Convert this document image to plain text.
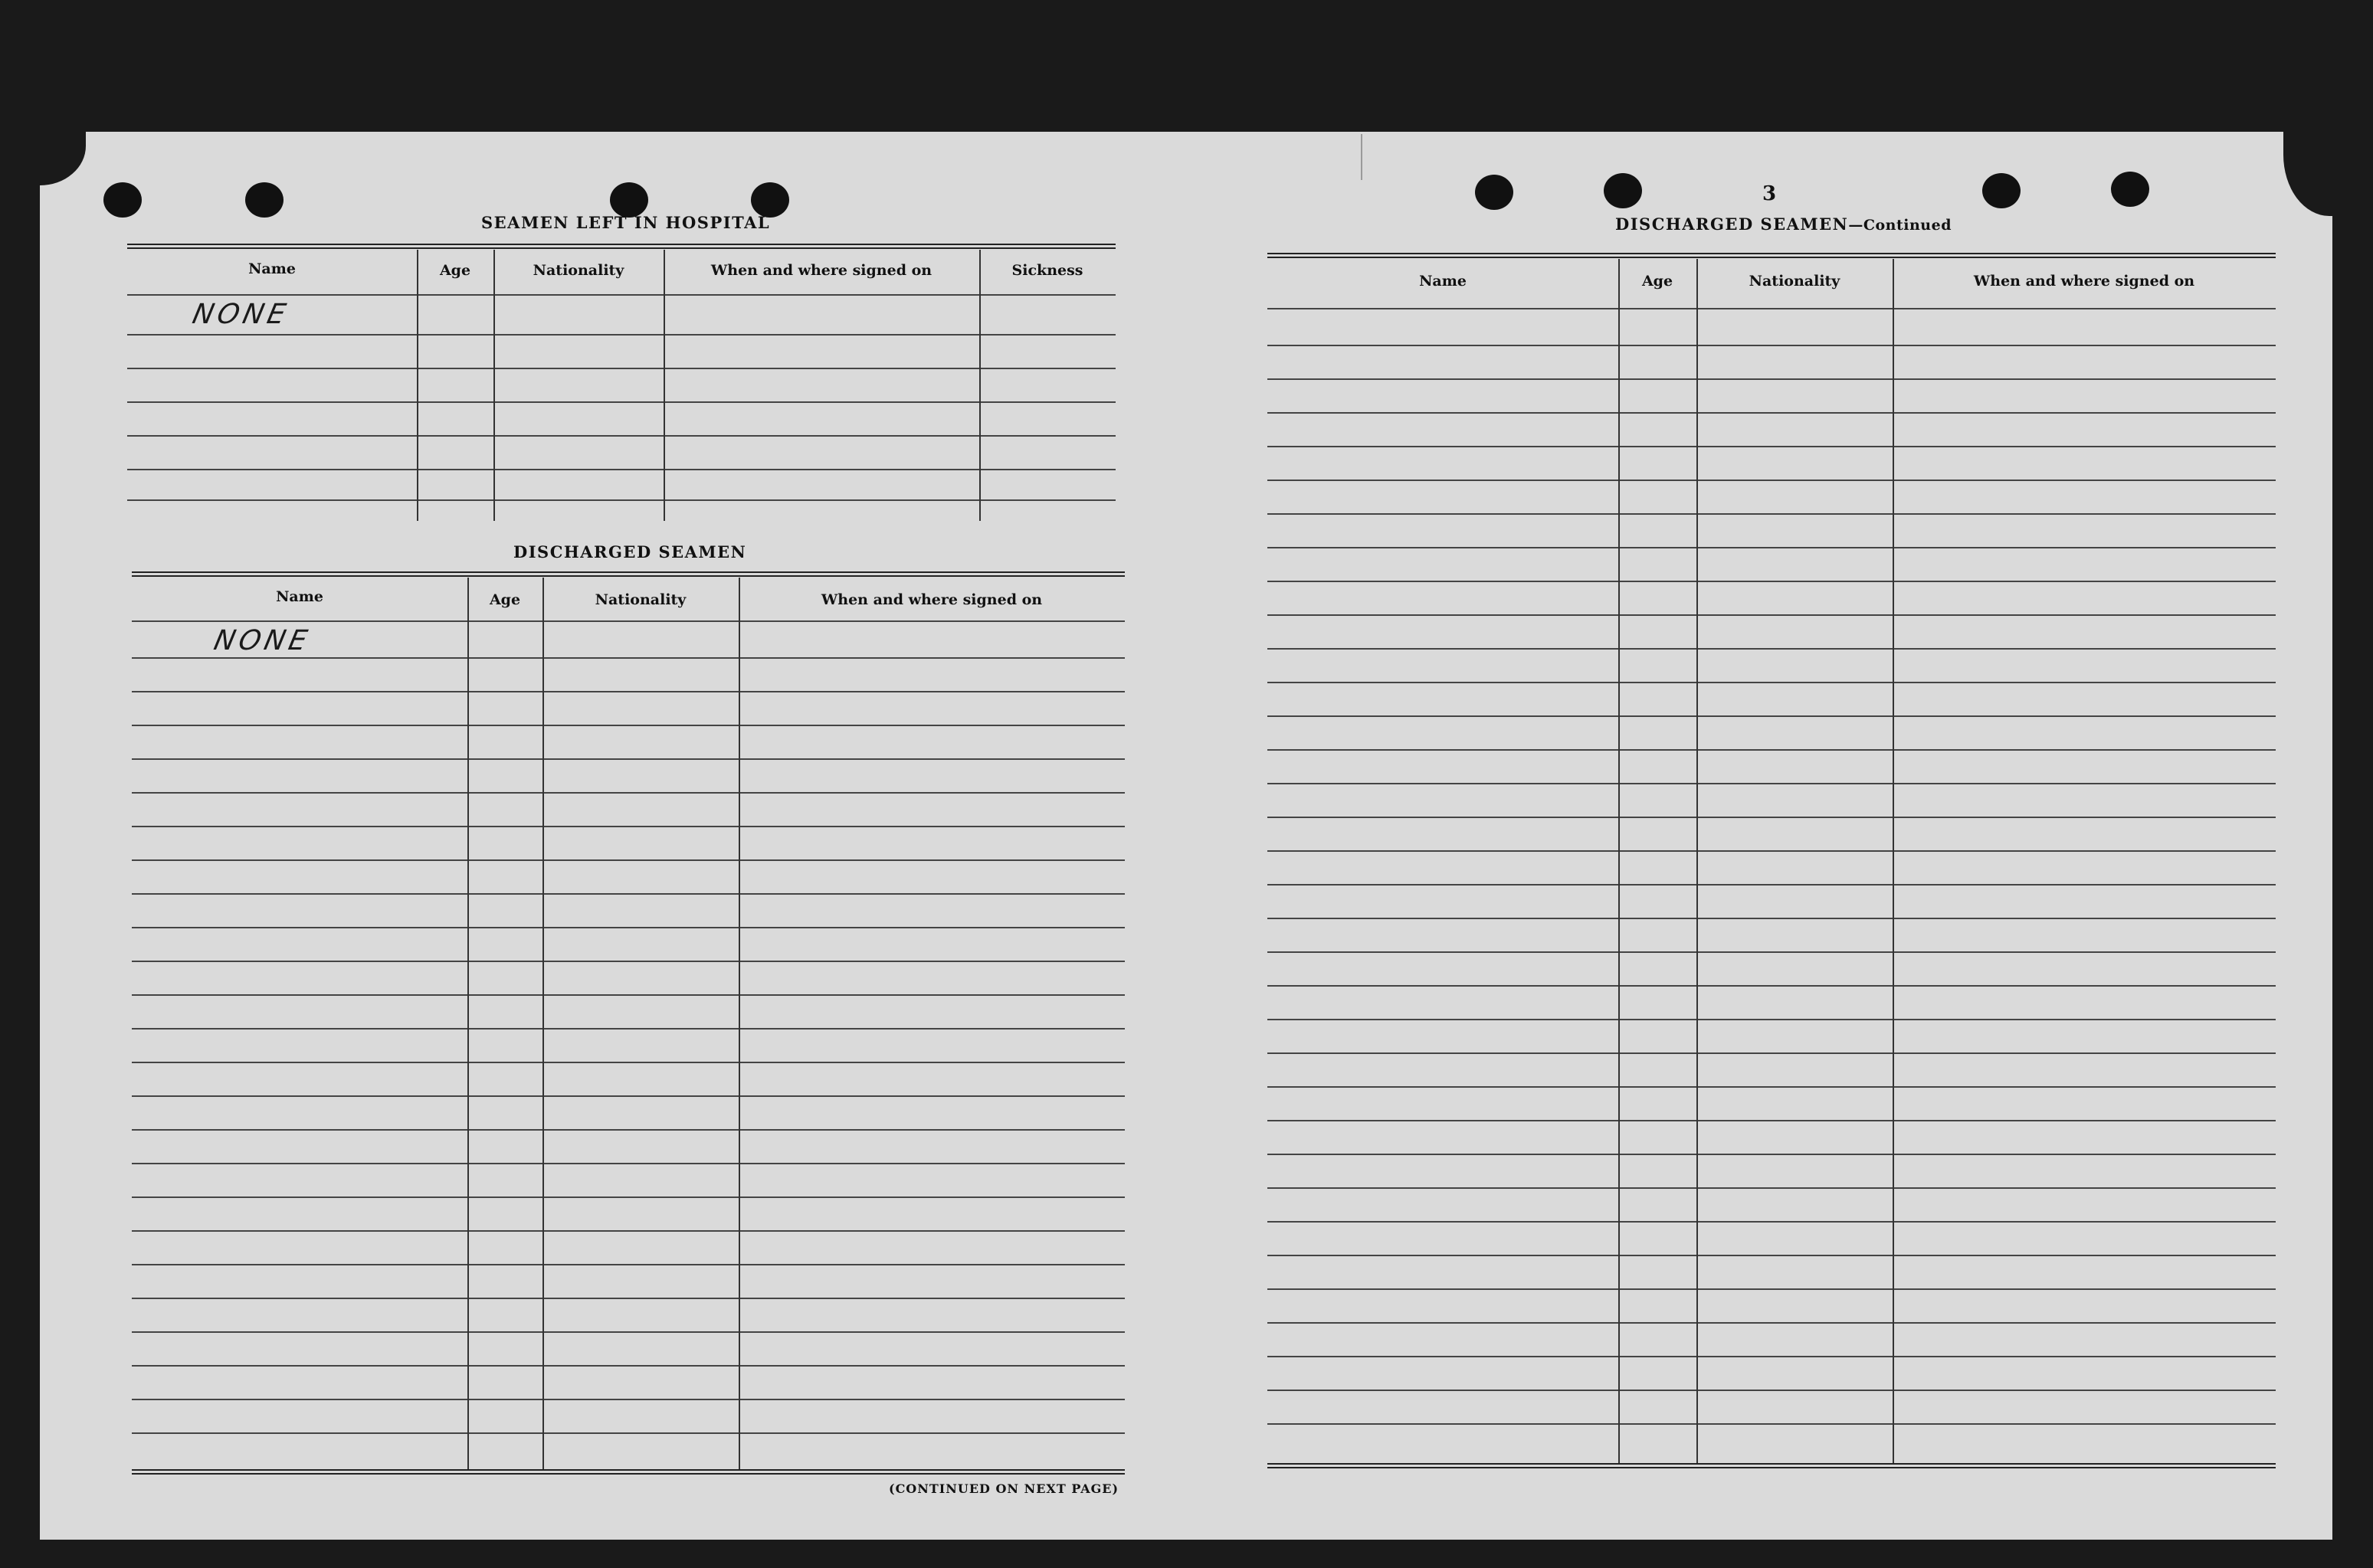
3
SEAMEN LEFT IN HOSPITAL
Name	Age	Nationality	When and where signed on	Sickness
NONE
DISCHARGED SEAMEN
Name	Age	Nationality	When and where signed on
NONE
(CONTINUED ON NEXT PAGE)
DISCHARGED SEAMEN—Continued
Name	Age	Nationality	When and where signed on
